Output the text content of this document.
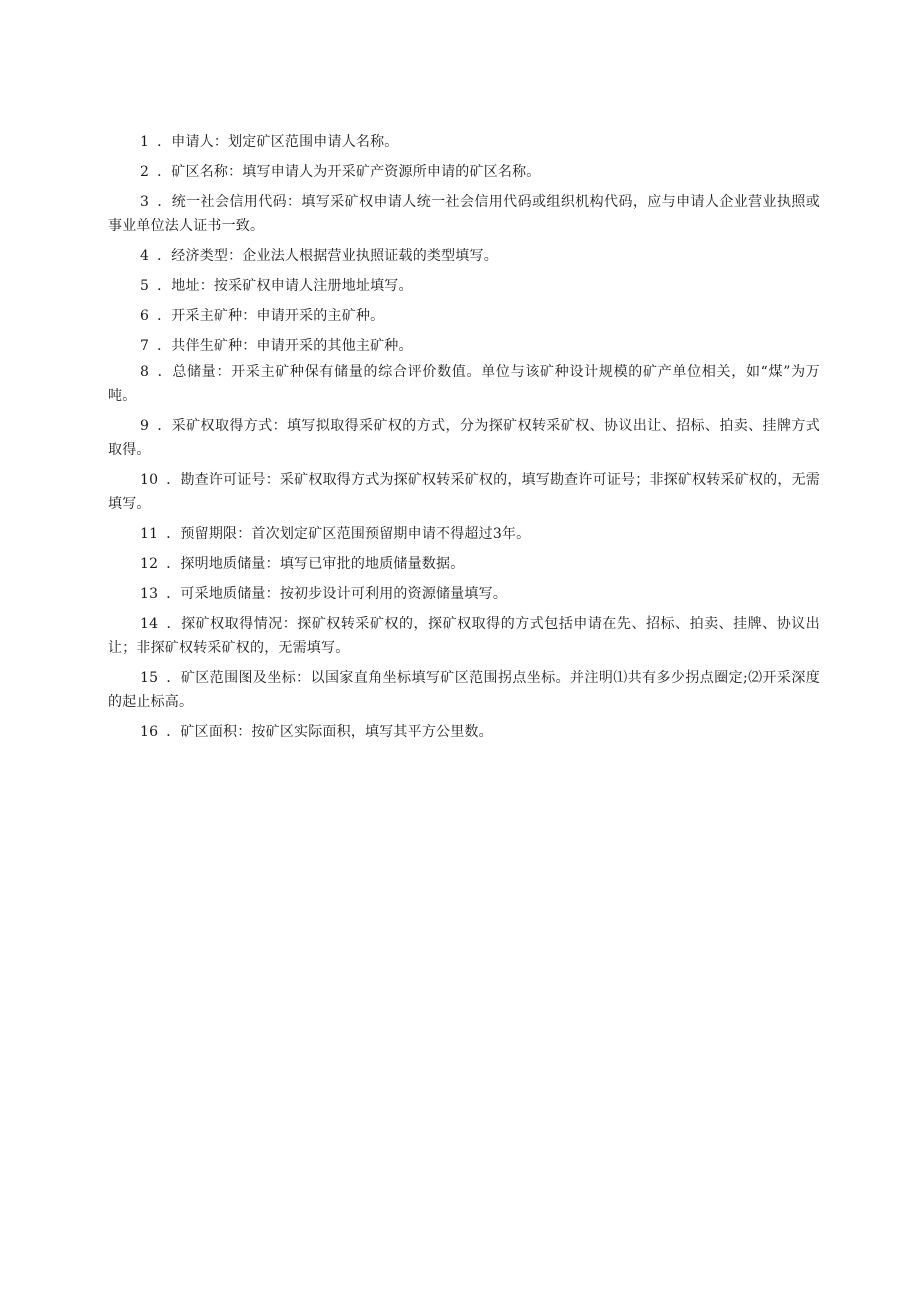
1 ．申请人：划定矿区范围申请人名称。

2 ．矿区名称：填写申请人为开采矿产资源所申请的矿区名称。

3 ．统一社会信用代码：填写采矿权申请人统一社会信用代码或组织机构代码，应与申请人企业营业执照或事业单位法人证书一致。

4 ．经济类型：企业法人根据营业执照证载的类型填写。

5 ．地址：按采矿权申请人注册地址填写。

6 ．开采主矿种：申请开采的主矿种。

7 ．共伴生矿种：申请开采的其他主矿种。

8 ．总储量：开采主矿种保有储量的综合评价数值。单位与该矿种设计规模的矿产单位相关，如“煤”为万吨。

9 ．采矿权取得方式：填写拟取得采矿权的方式，分为探矿权转采矿权、协议出让、招标、拍卖、挂牌方式取得。

10 ．勘查许可证号：采矿权取得方式为探矿权转采矿权的，填写勘查许可证号；非探矿权转采矿权的，无需填写。

11 ．预留期限：首次划定矿区范围预留期申请不得超过3年。

12 ．探明地质储量：填写已审批的地质储量数据。

13 ．可采地质储量：按初步设计可利用的资源储量填写。

14 ．探矿权取得情况：探矿权转采矿权的，探矿权取得的方式包括申请在先、招标、拍卖、挂牌、协议出让；非探矿权转采矿权的，无需填写。

15 ．矿区范围图及坐标：以国家直角坐标填写矿区范围拐点坐标。并注明⑴共有多少拐点圈定;⑵开采深度的起止标高。

16 ．矿区面积：按矿区实际面积，填写其平方公里数。
